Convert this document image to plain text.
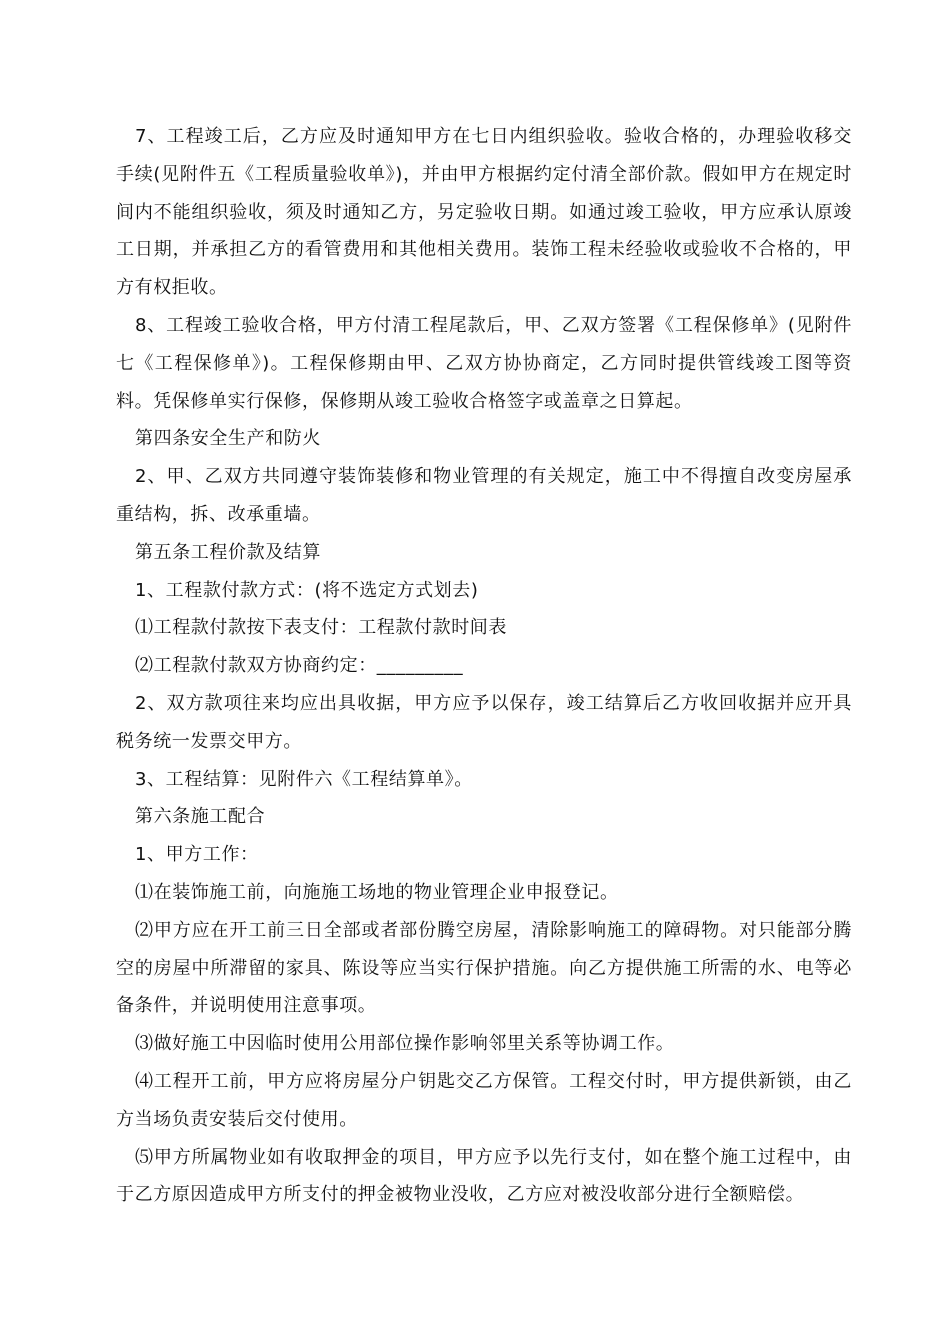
7、工程竣工后，乙方应及时通知甲方在七日内组织验收。验收合格的，办理验收移交手续(见附件五《工程质量验收单》)，并由甲方根据约定付清全部价款。假如甲方在规定时间内不能组织验收，须及时通知乙方，另定验收日期。如通过竣工验收，甲方应承认原竣工日期，并承担乙方的看管费用和其他相关费用。装饰工程未经验收或验收不合格的，甲方有权拒收。

8、工程竣工验收合格，甲方付清工程尾款后，甲、乙双方签署《工程保修单》(见附件七《工程保修单》)。工程保修期由甲、乙双方协协商定，乙方同时提供管线竣工图等资料。凭保修单实行保修，保修期从竣工验收合格签字或盖章之日算起。

第四条安全生产和防火

2、甲、乙双方共同遵守装饰装修和物业管理的有关规定，施工中不得擅自改变房屋承重结构，拆、改承重墙。

第五条工程价款及结算

1、工程款付款方式：(将不选定方式划去)

⑴工程款付款按下表支付：工程款付款时间表

⑵工程款付款双方协商约定：_________

2、双方款项往来均应出具收据，甲方应予以保存，竣工结算后乙方收回收据并应开具税务统一发票交甲方。

3、工程结算：见附件六《工程结算单》。

第六条施工配合

1、甲方工作：

⑴在装饰施工前，向施施工场地的物业管理企业申报登记。

⑵甲方应在开工前三日全部或者部份腾空房屋，清除影响施工的障碍物。对只能部分腾空的房屋中所滞留的家具、陈设等应当实行保护措施。向乙方提供施工所需的水、电等必备条件，并说明使用注意事项。

⑶做好施工中因临时使用公用部位操作影响邻里关系等协调工作。

⑷工程开工前，甲方应将房屋分户钥匙交乙方保管。工程交付时，甲方提供新锁，由乙方当场负责安装后交付使用。

⑸甲方所属物业如有收取押金的项目，甲方应予以先行支付，如在整个施工过程中，由于乙方原因造成甲方所支付的押金被物业没收，乙方应对被没收部分进行全额赔偿。
